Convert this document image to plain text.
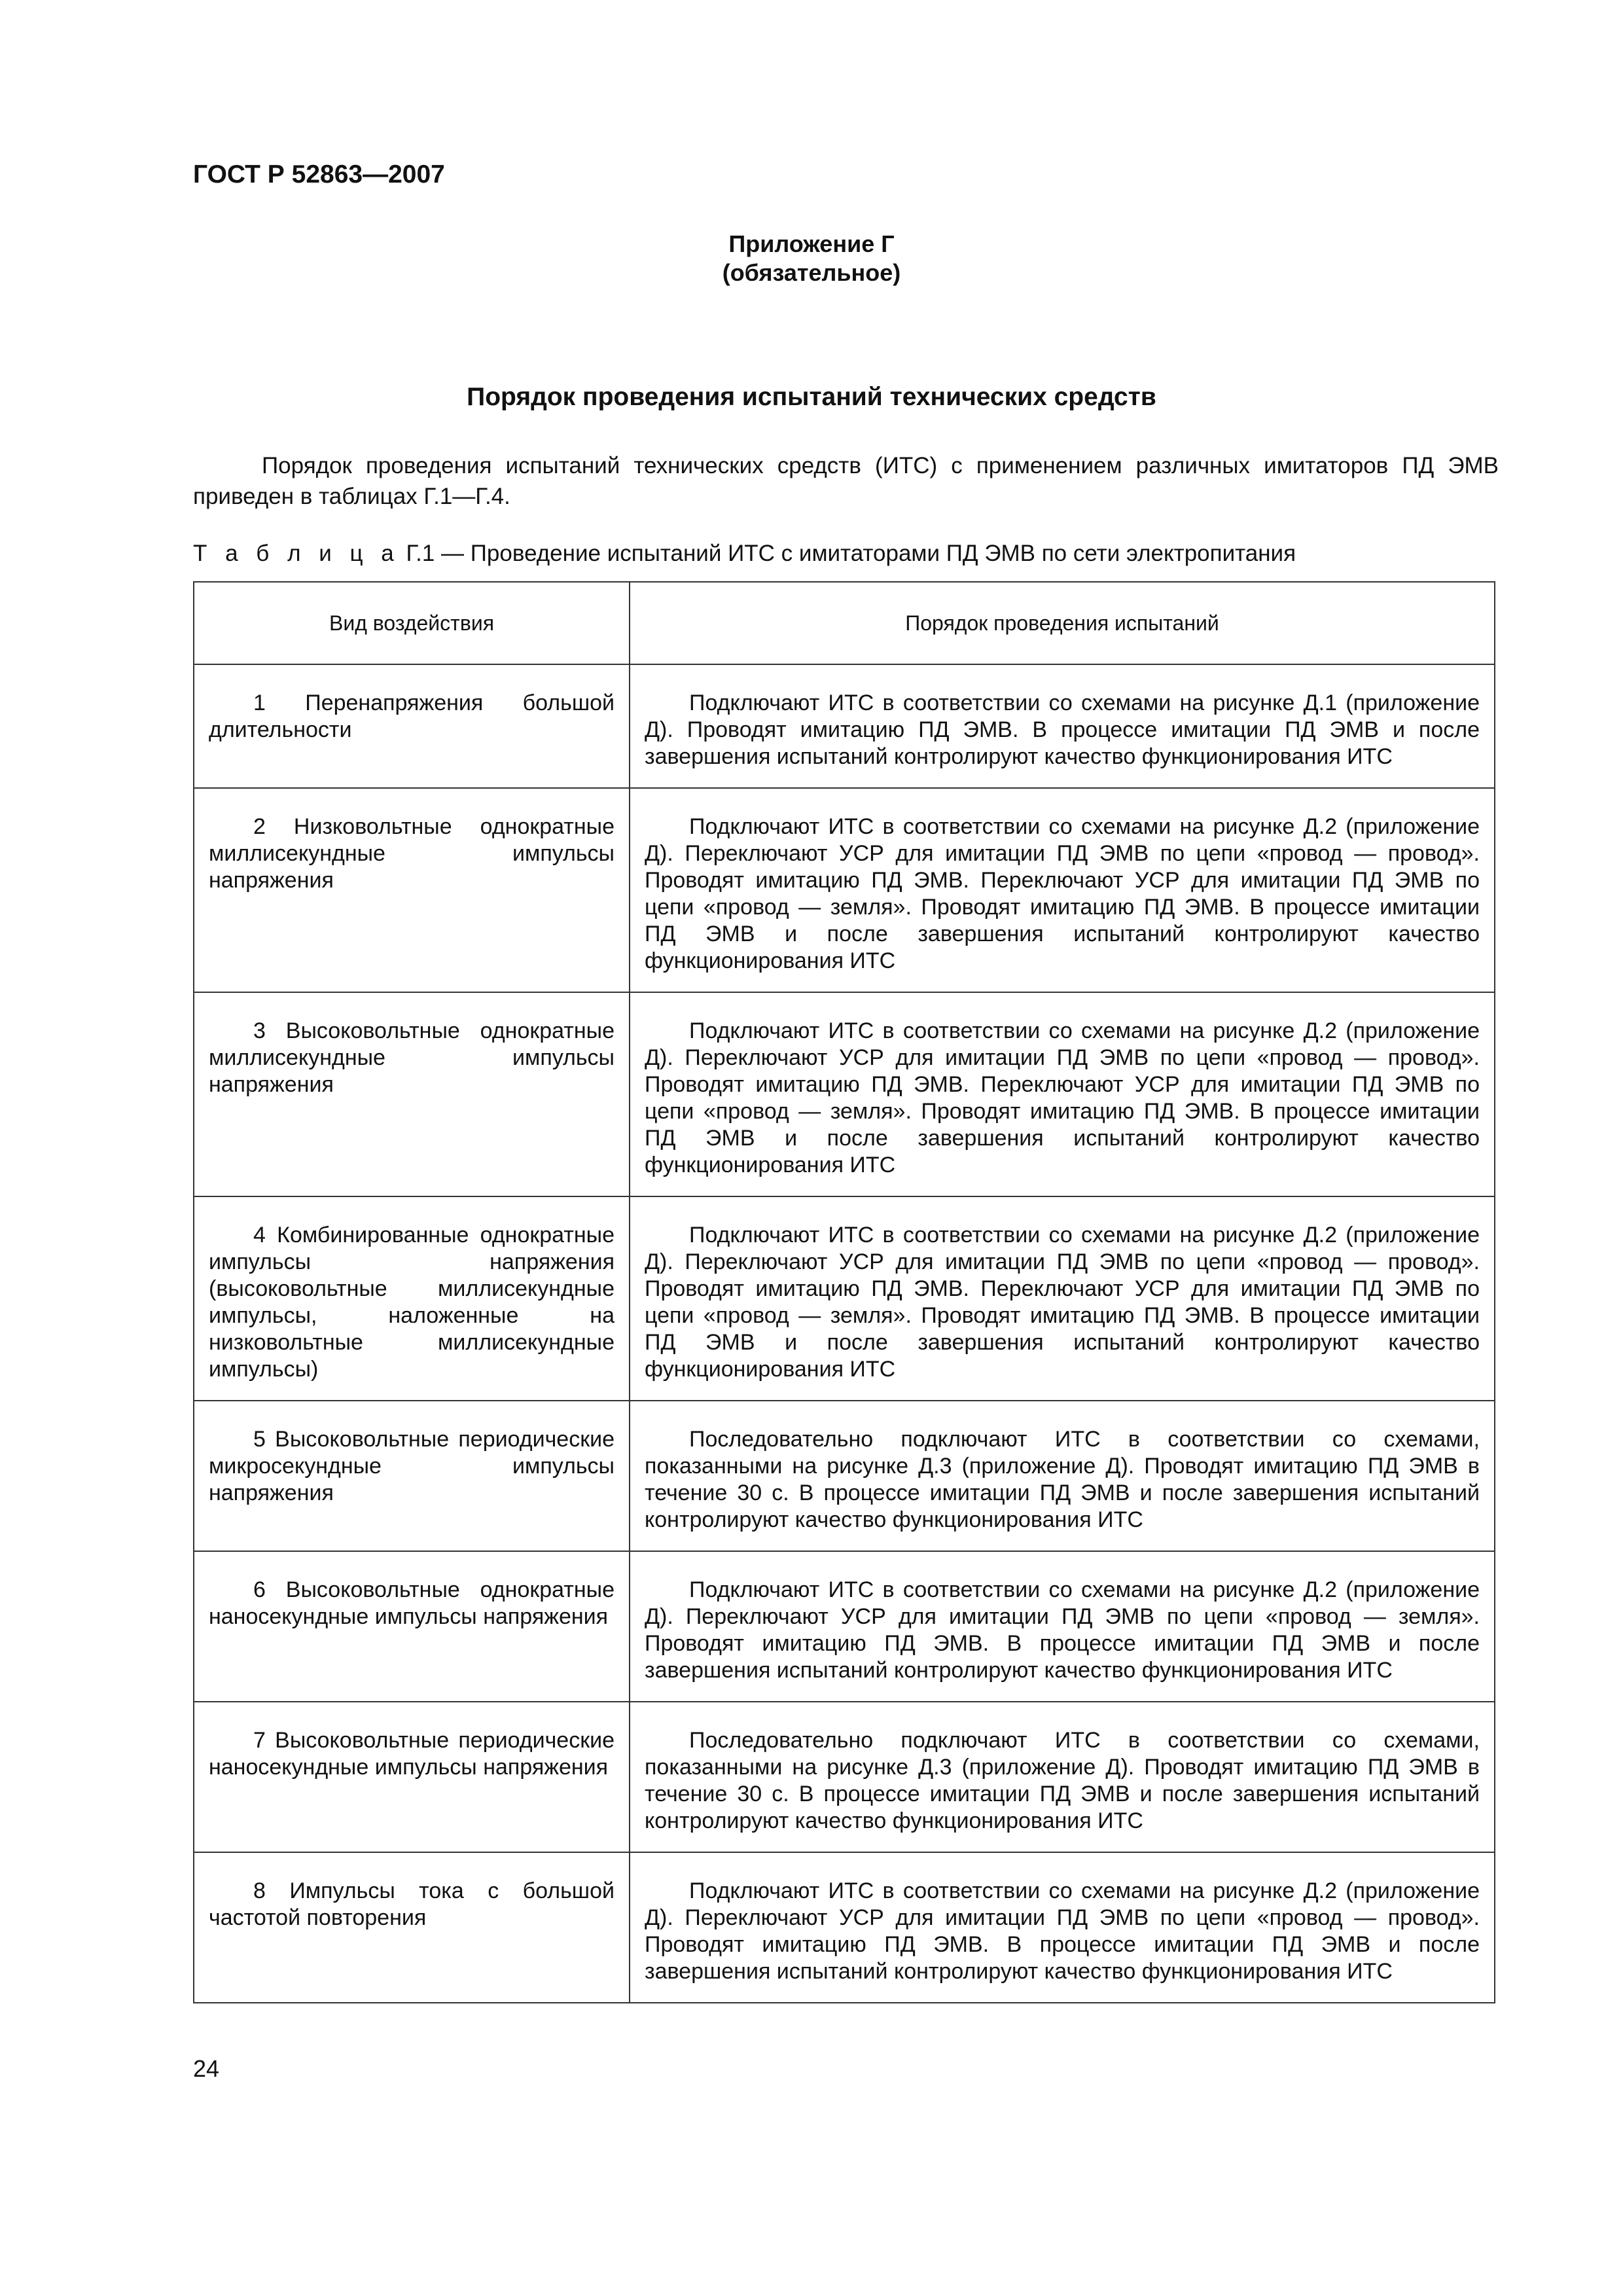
ГОСТ Р 52863—2007
Приложение Г
(обязательное)
Порядок проведения испытаний технических средств
Порядок проведения испытаний технических средств (ИТС) с применением различных имитаторов ПД ЭМВ приведен в таблицах Г.1—Г.4.
Т а б л и ц а Г.1 — Проведение испытаний ИТС с имитаторами ПД ЭМВ по сети электропитания
Вид воздействия	Порядок проведения испытаний

1 Перенапряжения большой длительности	Подключают ИТС в соответствии со схемами на рисунке Д.1 (приложение Д). Проводят имитацию ПД ЭМВ. В процессе имитации ПД ЭМВ и после завершения испытаний контролируют качество функционирования ИТС

2 Низковольтные однократные миллисекундные импульсы напряжения	Подключают ИТС в соответствии со схемами на рисунке Д.2 (приложение Д). Переключают УСР для имитации ПД ЭМВ по цепи «провод — провод». Проводят имитацию ПД ЭМВ. Переключают УСР для имитации ПД ЭМВ по цепи «провод — земля». Проводят имитацию ПД ЭМВ. В процессе имитации ПД ЭМВ и после завершения испытаний контролируют качество функционирования ИТС

3 Высоковольтные однократные миллисекундные импульсы напряжения	Подключают ИТС в соответствии со схемами на рисунке Д.2 (приложение Д). Переключают УСР для имитации ПД ЭМВ по цепи «провод — провод». Проводят имитацию ПД ЭМВ. Переключают УСР для имитации ПД ЭМВ по цепи «провод — земля». Проводят имитацию ПД ЭМВ. В процессе имитации ПД ЭМВ и после завершения испытаний контролируют качество функционирования ИТС

4 Комбинированные однократные импульсы напряжения (высоковольтные миллисекундные импульсы, наложенные на низковольтные миллисекундные импульсы)	Подключают ИТС в соответствии со схемами на рисунке Д.2 (приложение Д). Переключают УСР для имитации ПД ЭМВ по цепи «провод — провод». Проводят имитацию ПД ЭМВ. Переключают УСР для имитации ПД ЭМВ по цепи «провод — земля». Проводят имитацию ПД ЭМВ. В процессе имитации ПД ЭМВ и после завершения испытаний контролируют качество функционирования ИТС

5 Высоковольтные периодические микросекундные импульсы напряжения	Последовательно подключают ИТС в соответствии со схемами, показанными на рисунке Д.3 (приложение Д). Проводят имитацию ПД ЭМВ в течение 30 с. В процессе имитации ПД ЭМВ и после завершения испытаний контролируют качество функционирования ИТС

6 Высоковольтные однократные наносекундные импульсы напряжения	Подключают ИТС в соответствии со схемами на рисунке Д.2 (приложение Д). Переключают УСР для имитации ПД ЭМВ по цепи «провод — земля». Проводят имитацию ПД ЭМВ. В процессе имитации ПД ЭМВ и после завершения испытаний контролируют качество функционирования ИТС

7 Высоковольтные периодические наносекундные импульсы напряжения	Последовательно подключают ИТС в соответствии со схемами, показанными на рисунке Д.3 (приложение Д). Проводят имитацию ПД ЭМВ в течение 30 с. В процессе имитации ПД ЭМВ и после завершения испытаний контролируют качество функционирования ИТС

8 Импульсы тока с большой частотой повторения	Подключают ИТС в соответствии со схемами на рисунке Д.2 (приложение Д). Переключают УСР для имитации ПД ЭМВ по цепи «провод — провод». Проводят имитацию ПД ЭМВ. В процессе имитации ПД ЭМВ и после завершения испытаний контролируют качество функционирования ИТС

24
